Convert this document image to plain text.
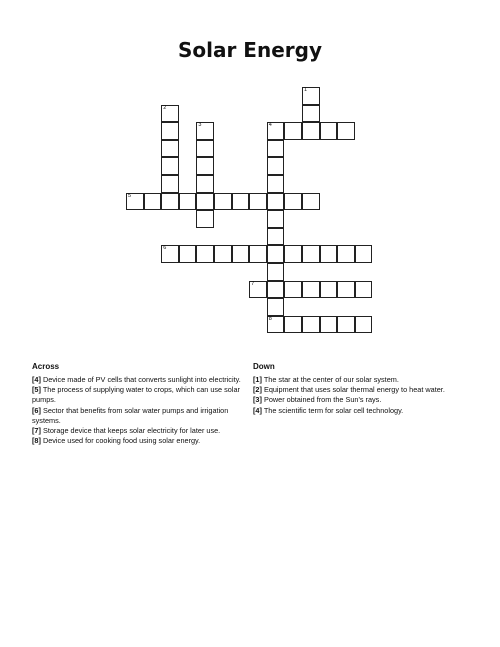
Solar Energy
1
2
3	4
8
5
6
7
Across

[4] Device made of PV cells that converts sunlight into electricity.

[5] The process of supplying water to crops, which can use solar pumps.

[6] Sector that benefits from solar water pumps and irrigation systems.

[7] Storage device that keeps solar electricity for later use.

[8] Device used for cooking food using solar energy.

Down

[1] The star at the center of our solar system.

[2] Equipment that uses solar thermal energy to heat water.

[3] Power obtained from the Sun's rays.

[4] The scientific term for solar cell technology.
